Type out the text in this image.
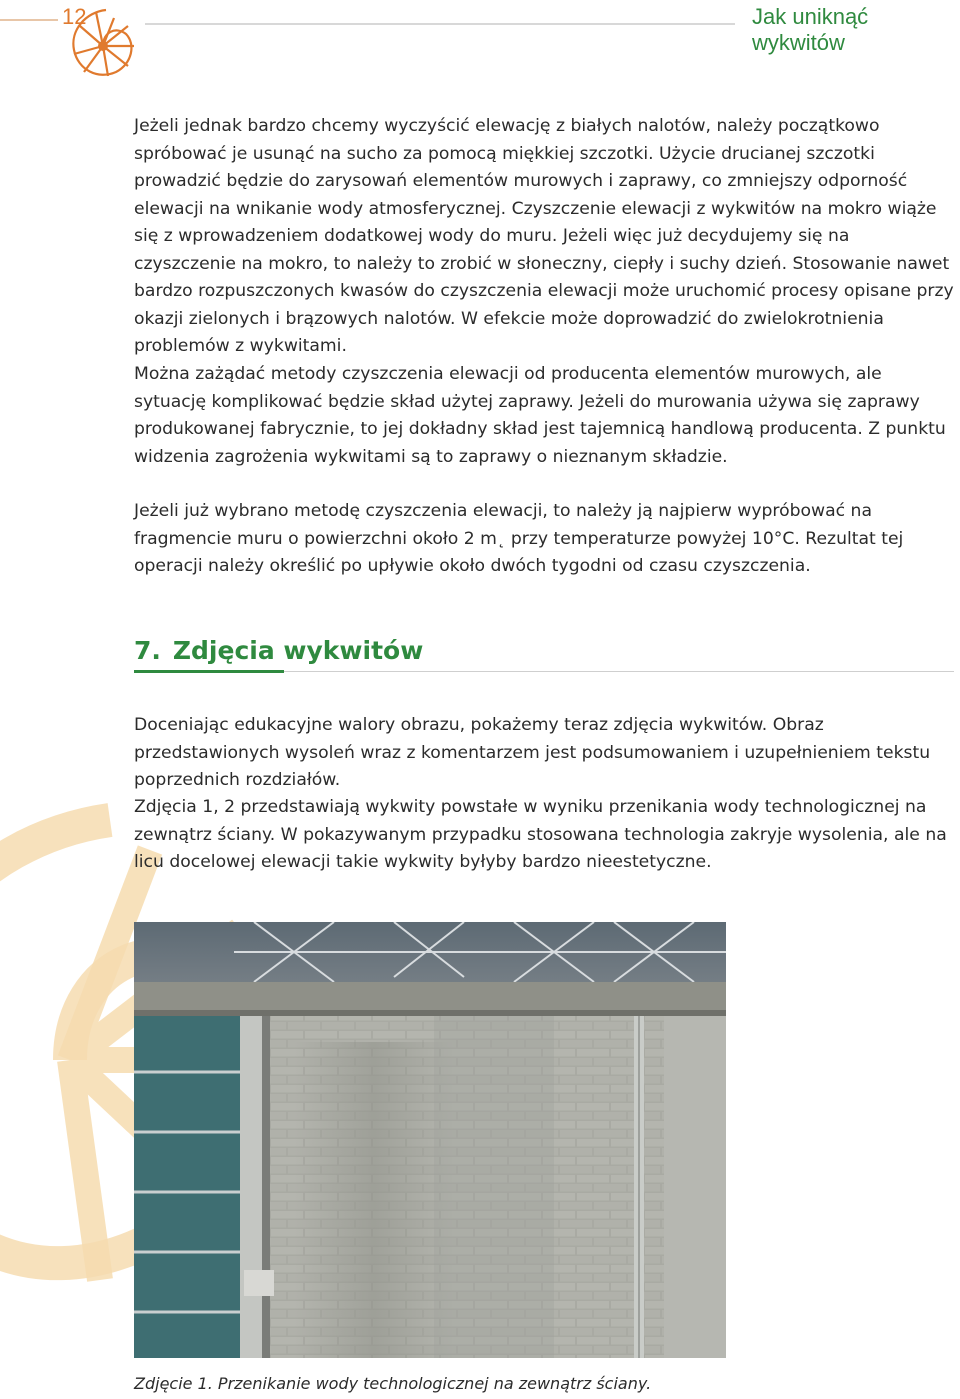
12	Jak uniknąć wykwitów

Jeżeli jednak bardzo chcemy wyczyścić elewację z białych nalotów, należy początkowo spróbować je usunąć na sucho za pomocą miękkiej szczotki. Użycie drucianej szczotki prowadzić będzie do zarysowań elementów murowych i zaprawy, co zmniejszy odporność elewacji na wnikanie wody atmosferycznej. Czyszczenie elewacji z wykwitów na mokro wiąże się z wprowadzeniem dodatkowej wody do muru. Jeżeli więc już decydujemy się na czyszczenie na mokro, to należy to zrobić w słoneczny, ciepły i suchy dzień. Stosowanie nawet bardzo rozpuszczonych kwasów do czyszczenia elewacji może uruchomić procesy opisane przy okazji zielonych i brązowych nalotów. W efekcie może doprowadzić do zwielokrotnienia problemów z wykwitami.

Można zażądać metody czyszczenia elewacji od producenta elementów murowych, ale sytuację komplikować będzie skład użytej zaprawy. Jeżeli do murowania używa się zaprawy produkowanej fabrycznie, to jej dokładny skład jest tajemnicą handlową producenta. Z punktu widzenia zagrożenia wykwitami są to zaprawy o nieznanym składzie.

Jeżeli już wybrano metodę czyszczenia elewacji, to należy ją najpierw wypróbować na fragmencie muru o powierzchni około 2 m˛ przy temperaturze powyżej 10°C. Rezultat tej operacji należy określić po upływie około dwóch tygodni od czasu czyszczenia.

7. Zdjęcia wykwitów

Doceniając edukacyjne walory obrazu, pokażemy teraz zdjęcia wykwitów. Obraz przedstawionych wysoleń wraz z komentarzem jest podsumowaniem i uzupełnieniem tekstu poprzednich rozdziałów.

Zdjęcia 1, 2 przedstawiają wykwity powstałe w wyniku przenikania wody technologicznej na zewnątrz ściany. W pokazywanym przypadku stosowana technologia zakryje wysolenia, ale na licu docelowej elewacji takie wykwity byłyby bardzo nieestetyczne.

Zdjęcie 1. Przenikanie wody technologicznej na zewnątrz ściany.
